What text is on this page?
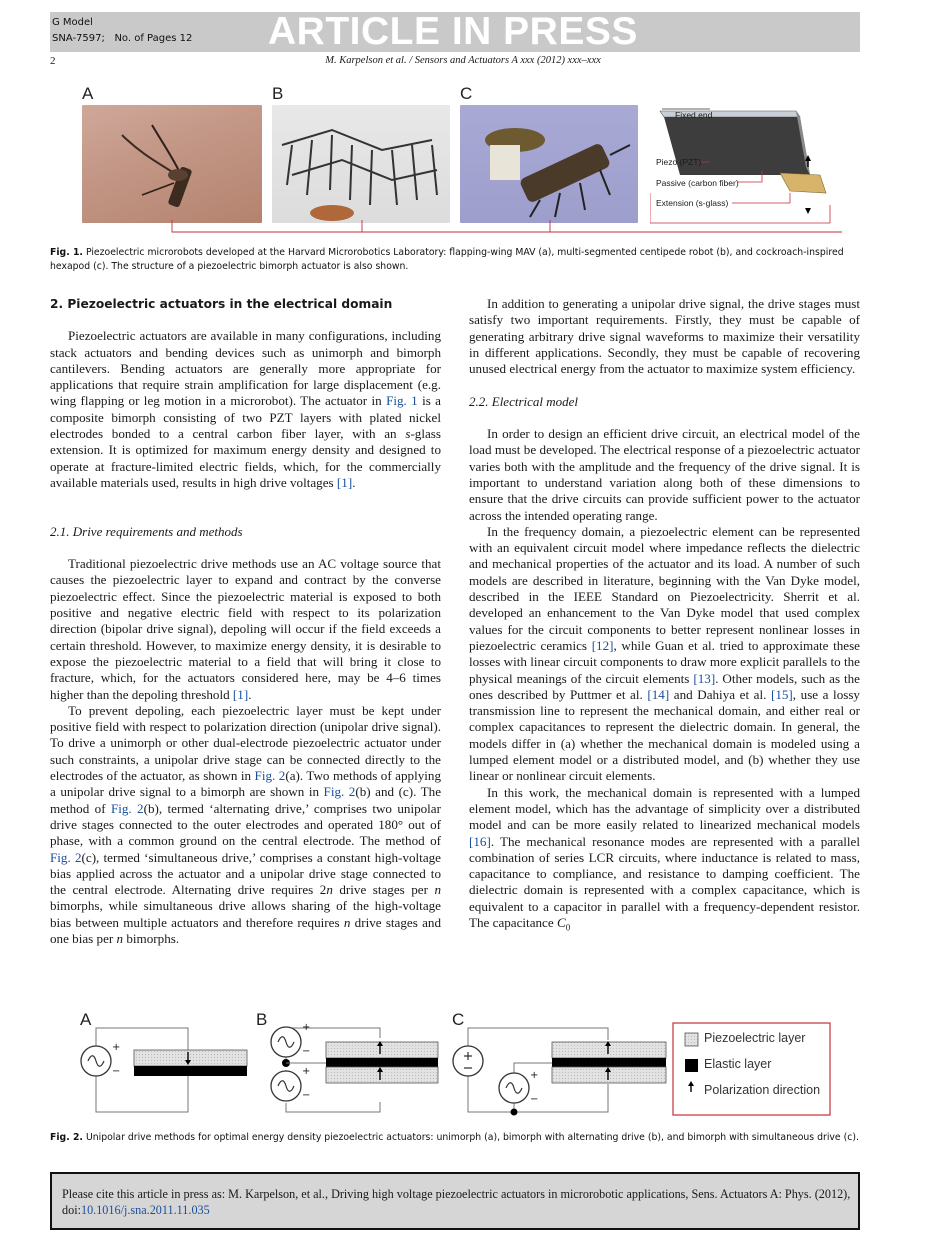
G Model
SNA-7597; No. of Pages 12 ARTICLE IN PRESS
2	M. Karpelson et al. / Sensors and Actuators A xxx (2012) xxx–xxx
A	B	C
Fixed end
Piezo (PZT)
Passive (carbon fiber)
Extension (s-glass)
Fig. 1. Piezoelectric microrobots developed at the Harvard Microrobotics Laboratory: flapping-wing MAV (a), multi-segmented centipede robot (b), and cockroach-inspired hexapod (c). The structure of a piezoelectric bimorph actuator is also shown.
2. Piezoelectric actuators in the electrical domain

Piezoelectric actuators are available in many configurations, including stack actuators and bending devices such as unimorph and bimorph cantilevers. Bending actuators are generally more appropriate for applications that require strain amplification for large displacement (e.g. wing flapping or leg motion in a microrobot). The actuator in Fig. 1 is a composite bimorph consisting of two PZT layers with plated nickel electrodes bonded to a central carbon fiber layer, with an s-glass extension. It is optimized for maximum energy density and designed to operate at fracture-limited electric fields, which, for the commercially available materials used, results in high drive voltages [1].

2.1. Drive requirements and methods

Traditional piezoelectric drive methods use an AC voltage source that causes the piezoelectric layer to expand and contract by the converse piezoelectric effect. Since the piezoelectric material is exposed to both positive and negative electric field with respect to its polarization direction (bipolar drive signal), depoling will occur if the field exceeds a certain threshold. However, to maximize energy density, it is desirable to expose the piezoelectric material to a field that will bring it close to fracture, which, for the actuators considered here, may be 4–6 times higher than the depoling threshold [1].

To prevent depoling, each piezoelectric layer must be kept under positive field with respect to polarization direction (unipolar drive signal). To drive a unimorph or other dual-electrode piezoelectric actuator under such constraints, a unipolar drive stage can be connected directly to the electrodes of the actuator, as shown in Fig. 2(a). Two methods of applying a unipolar drive signal to a bimorph are shown in Fig. 2(b) and (c). The method of Fig. 2(b), termed ‘alternating drive,’ comprises two unipolar drive stages connected to the outer electrodes and operated 180° out of phase, with a common ground on the central electrode. The method of Fig. 2(c), termed ‘simultaneous drive,’ comprises a constant high-voltage bias applied across the actuator and a unipolar drive stage connected to the central electrode. Alternating drive requires 2n drive stages per n bimorphs, while simultaneous drive allows sharing of the high-voltage bias between multiple actuators and therefore requires n drive stages and one bias per n bimorphs.

In addition to generating a unipolar drive signal, the drive stages must satisfy two important requirements. Firstly, they must be capable of generating arbitrary drive signal waveforms to maximize their versatility in different applications. Secondly, they must be capable of recovering unused electrical energy from the actuator to maximize system efficiency.

2.2. Electrical model

In order to design an efficient drive circuit, an electrical model of the load must be developed. The electrical response of a piezoelectric actuator varies both with the amplitude and the frequency of the drive signal. It is important to understand variation along both of these dimensions to ensure that the drive circuits can provide sufficient power to the actuator across the intended operating range.

In the frequency domain, a piezoelectric element can be represented with an equivalent circuit model where impedance reflects the dielectric and mechanical properties of the actuator and its load. A number of such models are described in literature, beginning with the Van Dyke model, described in the IEEE Standard on Piezoelectricity. Sherrit et al. developed an enhancement to the Van Dyke model that used complex values for the circuit components to better represent nonlinear losses in piezoelectric ceramics [12], while Guan et al. tried to approximate these losses with linear circuit components to draw more explicit parallels to the physical meanings of the circuit elements [13]. Other models, such as the ones described by Puttmer et al. [14] and Dahiya et al. [15], use a lossy transmission line to represent the mechanical domain, and either real or complex capacitances to represent the dielectric domain. In general, the models differ in (a) whether the mechanical domain is modeled using a lumped element model or a distributed model, and (b) whether they use linear or nonlinear circuit elements.

In this work, the mechanical domain is represented with a lumped element model, which has the advantage of simplicity over a distributed model and can be more easily related to linearized mechanical models [16]. The mechanical resonance modes are represented with a parallel combination of series LCR circuits, where inductance is related to mass, capacitance to compliance, and resistance to damping coefficient. The dielectric domain is represented with a complex capacitance, which is equivalent to a capacitor in parallel with a frequency-dependent resistor. The capacitance $C_0$

A	B	C
+
−
+
−
+
−
+
−
Piezoelectric layer
Elastic layer
Polarization direction
Fig. 2. Unipolar drive methods for optimal energy density piezoelectric actuators: unimorph (a), bimorph with alternating drive (b), and bimorph with simultaneous drive (c).
Please cite this article in press as: M. Karpelson, et al., Driving high voltage piezoelectric actuators in microrobotic applications, Sens. Actuators A: Phys. (2012), doi:10.1016/j.sna.2011.11.035
